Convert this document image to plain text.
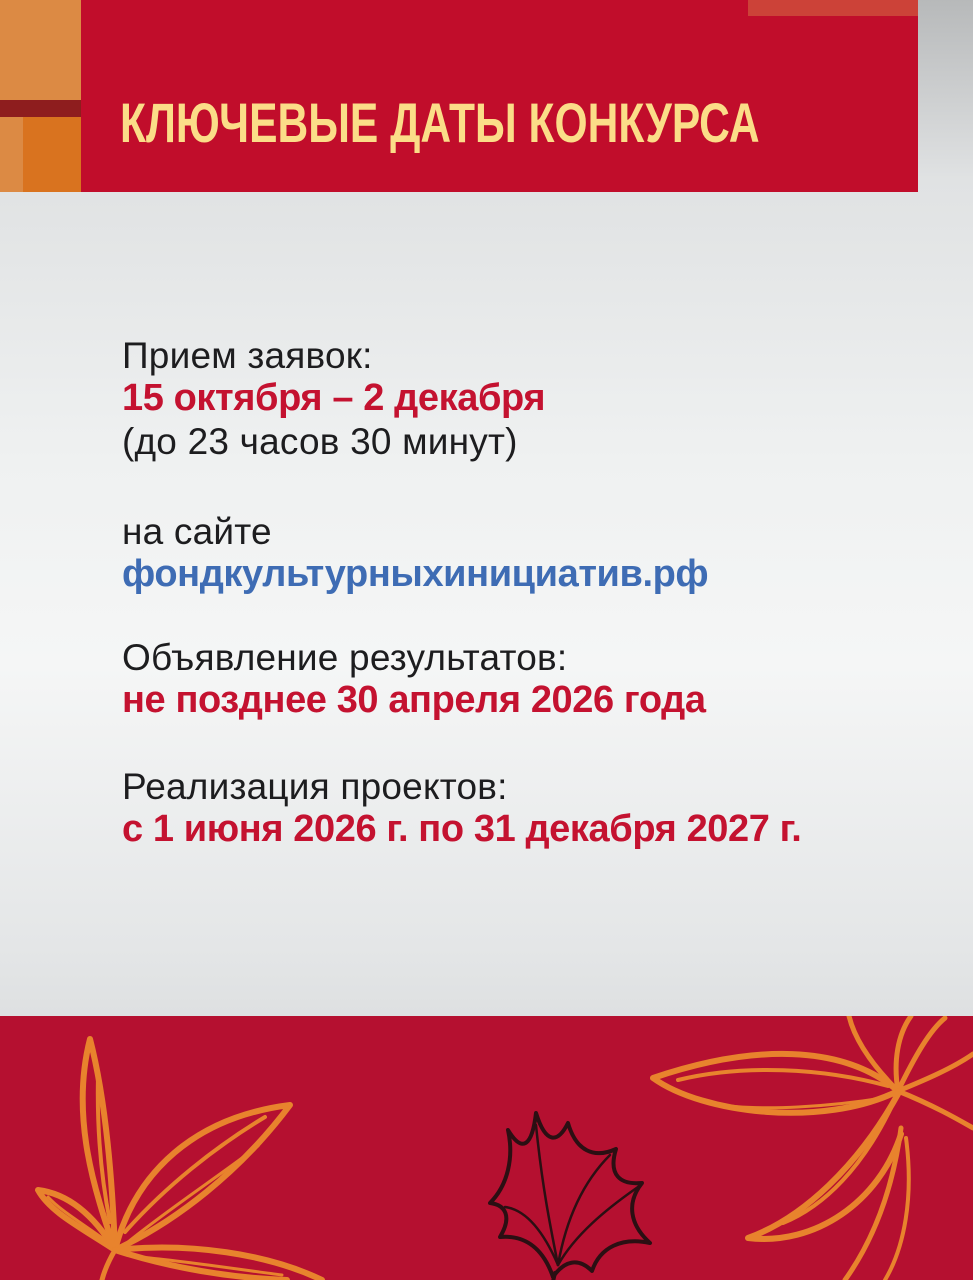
КЛЮЧЕВЫЕ ДАТЫ КОНКУРСА

Прием заявок:
15 октября – 2 декабря
(до 23 часов 30 минут)

на сайте
фондкультурныхинициатив.рф

Объявление результатов:
не позднее 30 апреля 2026 года

Реализация проектов:
с 1 июня 2026 г. по 31 декабря 2027 г.
